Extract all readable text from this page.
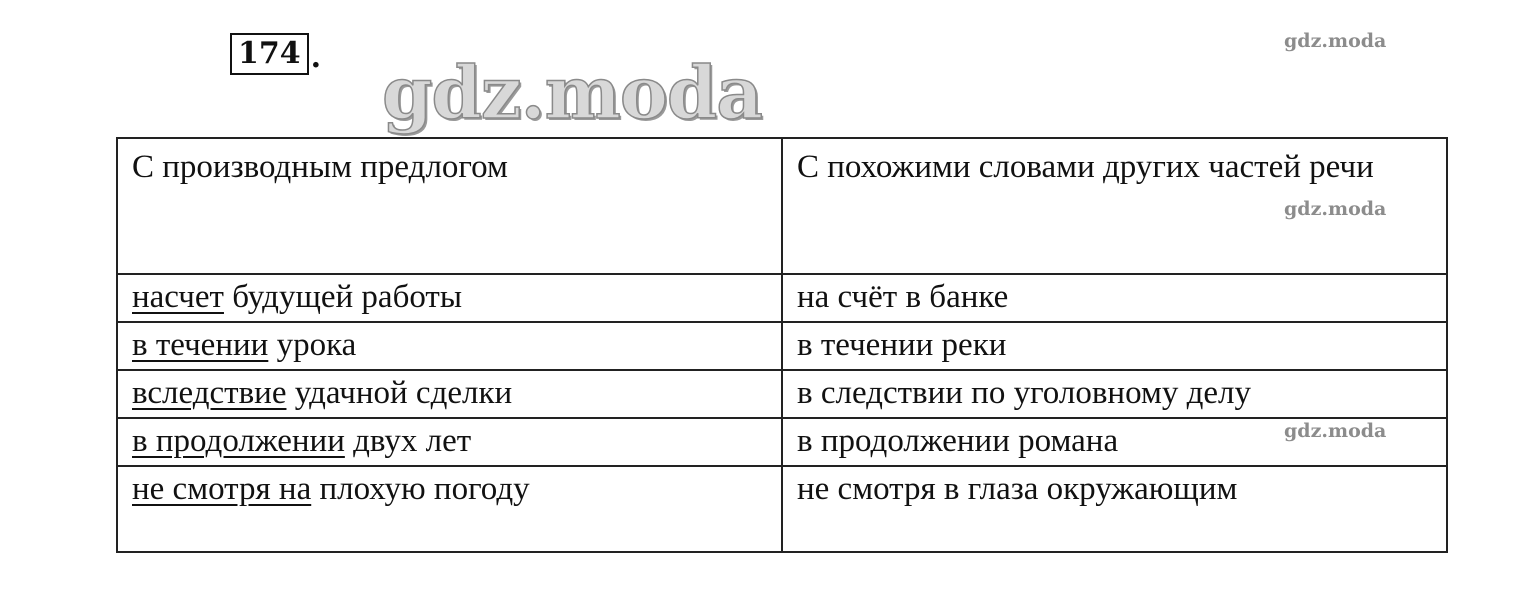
174 . gdz.moda
gdz.moda
gdz.moda
gdz.moda
С производным предлогом	С похожими словами других частей речи
насчет будущей работы	на счёт в банке
в течении урока	в течении реки
вследствие удачной сделки	в следствии по уголовному делу
в продолжении двух лет	в продолжении романа
не смотря на плохую погоду	не смотря в глаза окружающим
